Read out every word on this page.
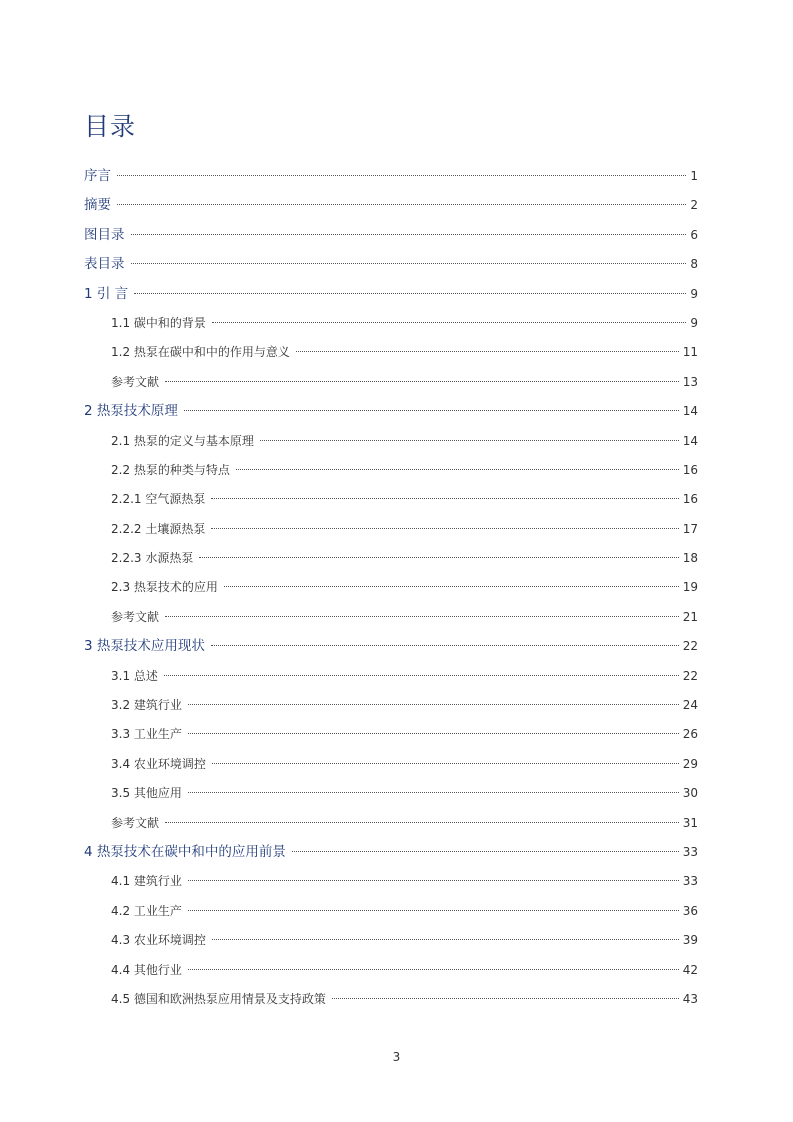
目录
序言	1
摘要	2
图目录	6
表目录	8
1 引 言	9
1.1 碳中和的背景	9
1.2 热泵在碳中和中的作用与意义	11
参考文献	13
2 热泵技术原理	14
2.1 热泵的定义与基本原理	14
2.2 热泵的种类与特点	16
2.2.1 空气源热泵	16
2.2.2 土壤源热泵	17
2.2.3 水源热泵	18
2.3 热泵技术的应用	19
参考文献	21
3 热泵技术应用现状	22
3.1 总述	22
3.2 建筑行业	24
3.3 工业生产	26
3.4 农业环境调控	29
3.5 其他应用	30
参考文献	31
4 热泵技术在碳中和中的应用前景	33
4.1 建筑行业	33
4.2 工业生产	36
4.3 农业环境调控	39
4.4 其他行业	42
4.5 德国和欧洲热泵应用情景及支持政策	43
3
